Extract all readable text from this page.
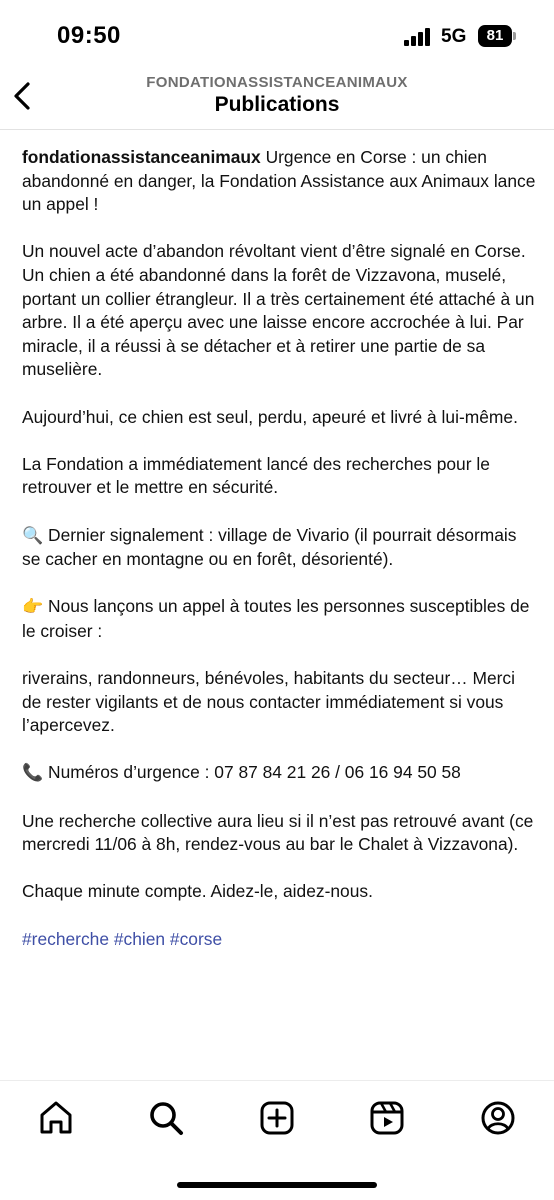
09:50	5G	81
FONDATIONASSISTANCEANIMAUX
Publications

fondationassistanceanimaux Urgence en Corse : un chien abandonné en danger, la Fondation Assistance aux Animaux lance un appel !

Un nouvel acte d’abandon révoltant vient d’être signalé en Corse. Un chien a été abandonné dans la forêt de Vizzavona, muselé, portant un collier étrangleur. Il a très certainement été attaché à un arbre. Il a été aperçu avec une laisse encore accrochée à lui. Par miracle, il a réussi à se détacher et à retirer une partie de sa muselière.

Aujourd’hui, ce chien est seul, perdu, apeuré et livré à lui-même.

La Fondation a immédiatement lancé des recherches pour le retrouver et le mettre en sécurité.

🔍 Dernier signalement : village de Vivario (il pourrait désormais se cacher en montagne ou en forêt, désorienté).

👉 Nous lançons un appel à toutes les personnes susceptibles de le croiser :

riverains, randonneurs, bénévoles, habitants du secteur… Merci de rester vigilants et de nous contacter immédiatement si vous l’apercevez.

📞 Numéros d’urgence : 07 87 84 21 26 / 06 16 94 50 58

Une recherche collective aura lieu si il n’est pas retrouvé avant (ce mercredi 11/06 à 8h, rendez-vous au bar le Chalet à Vizzavona).

Chaque minute compte. Aidez-le, aidez-nous.

#recherche #chien #corse
